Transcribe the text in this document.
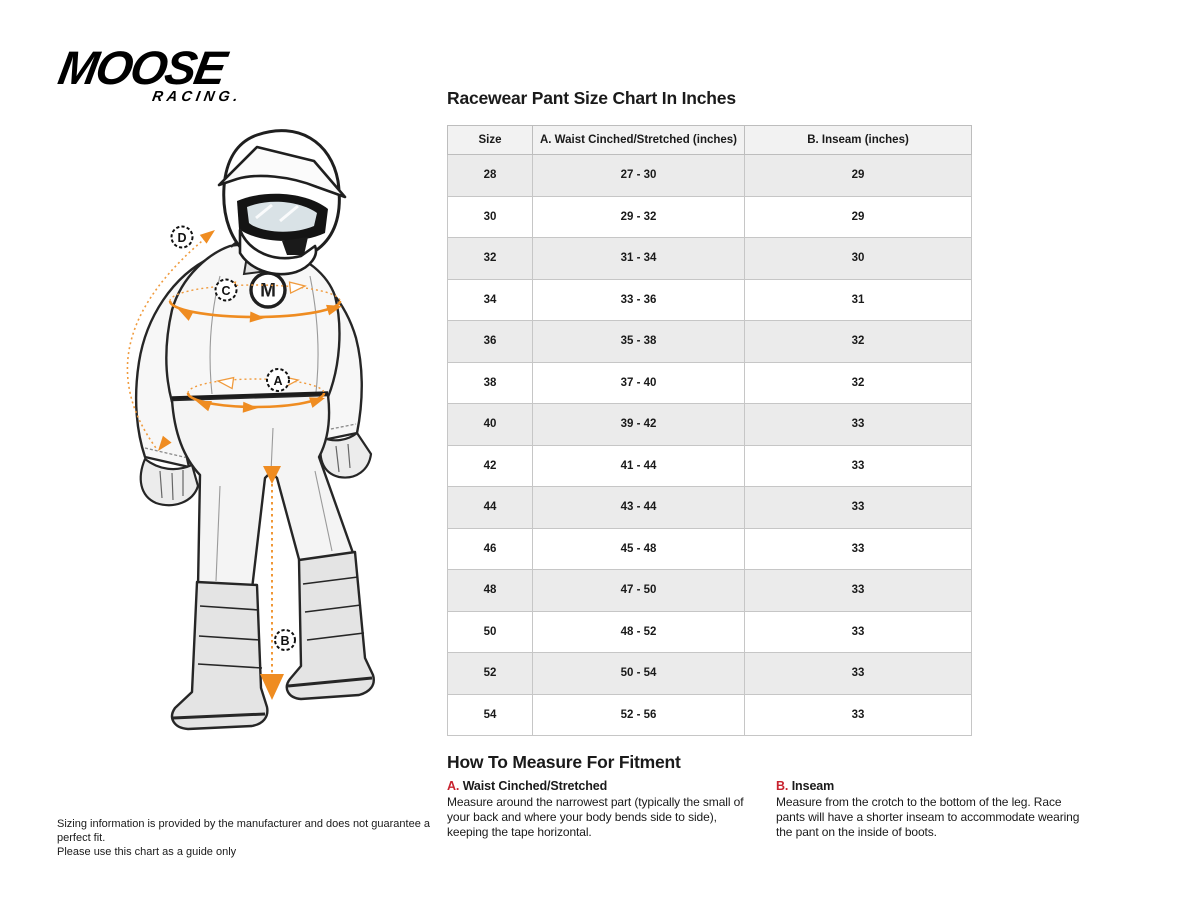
MOOSE
RACING.
M
D
C
A
B
Racewear Pant Size Chart In Inches
Size	A. Waist Cinched/Stretched (inches)	B. Inseam (inches)
28	27 - 30	29
30	29 - 32	29
32	31 - 34	30
34	33 - 36	31
36	35 - 38	32
38	37 - 40	32
40	39 - 42	33
42	41 - 44	33
44	43 - 44	33
46	45 - 48	33
48	47 - 50	33
50	48 - 52	33
52	50 - 54	33
54	52 - 56	33
How To Measure For Fitment
A. Waist Cinched/Stretched

Measure around the narrowest part (typically the small of your back and where your body bends side to side), keeping the tape horizontal.

B. Inseam

Measure from the crotch to the bottom of the leg. Race pants will have a shorter inseam to accommodate wearing the pant on the inside of boots.

Sizing information is provided by the manufacturer and does not guarantee a perfect fit.
Please use this chart as a guide only
